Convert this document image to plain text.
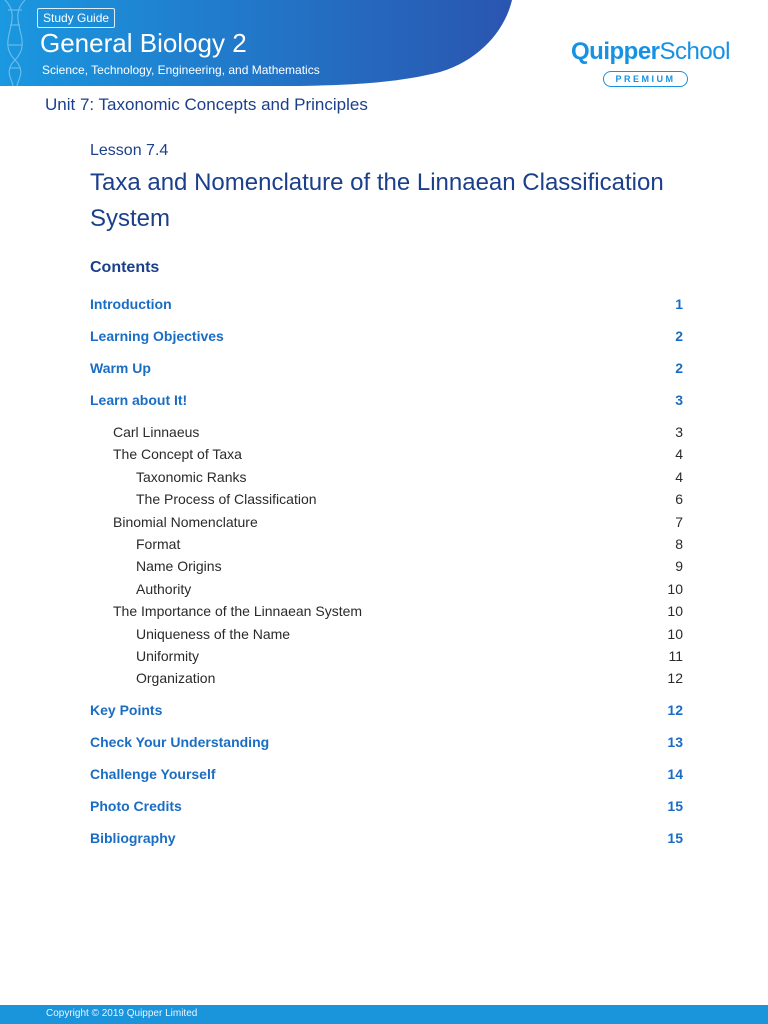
Study Guide
General Biology 2
Science, Technology, Engineering, and Mathematics
QuipperSchool
PREMIUM
Unit 7: Taxonomic Concepts and Principles
Lesson 7.4
Taxa and Nomenclature of the Linnaean Classification System
Contents
Introduction	1
Learning Objectives	2
Warm Up	2
Learn about It!	3
Carl Linnaeus	3
The Concept of Taxa	4
Taxonomic Ranks	4
The Process of Classification	6
Binomial Nomenclature	7
Format	8
Name Origins	9
Authority	10
The Importance of the Linnaean System	10
Uniqueness of the Name	10
Uniformity	11
Organization	12
Key Points	12
Check Your Understanding	13
Challenge Yourself	14
Photo Credits	15
Bibliography	15
Copyright © 2019 Quipper Limited
